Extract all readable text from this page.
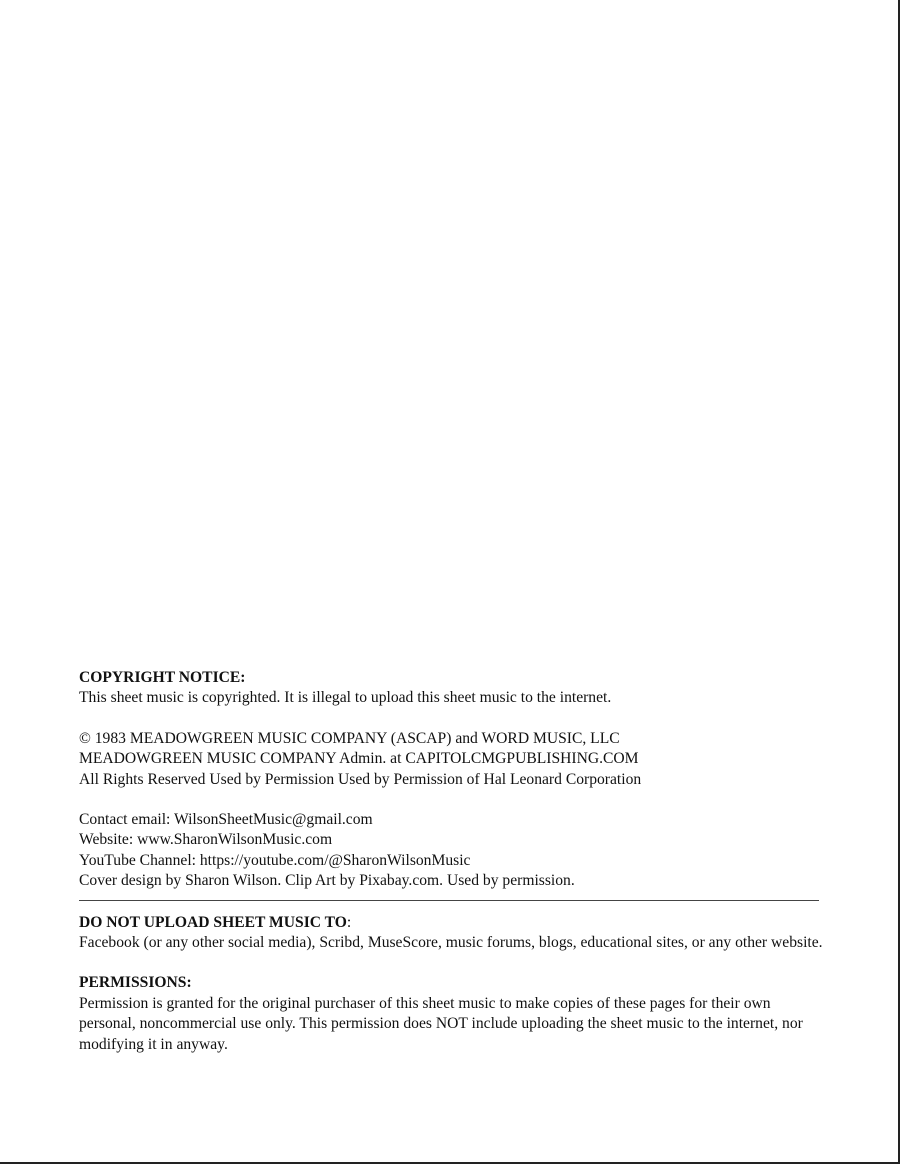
COPYRIGHT NOTICE:

This sheet music is copyrighted. It is illegal to upload this sheet music to the internet.

© 1983 MEADOWGREEN MUSIC COMPANY (ASCAP) and WORD MUSIC, LLC

MEADOWGREEN MUSIC COMPANY Admin. at CAPITOLCMGPUBLISHING.COM

All Rights Reserved Used by Permission Used by Permission of Hal Leonard Corporation

Contact email: WilsonSheetMusic@gmail.com

Website: www.SharonWilsonMusic.com

YouTube Channel: https://youtube.com/@SharonWilsonMusic

Cover design by Sharon Wilson. Clip Art by Pixabay.com. Used by permission.

DO NOT UPLOAD SHEET MUSIC TO:

Facebook (or any other social media), Scribd, MuseScore, music forums, blogs, educational sites, or any other website.

PERMISSIONS:

Permission is granted for the original purchaser of this sheet music to make copies of these pages for their own personal, noncommercial use only. This permission does NOT include uploading the sheet music to the internet, nor modifying it in anyway.
